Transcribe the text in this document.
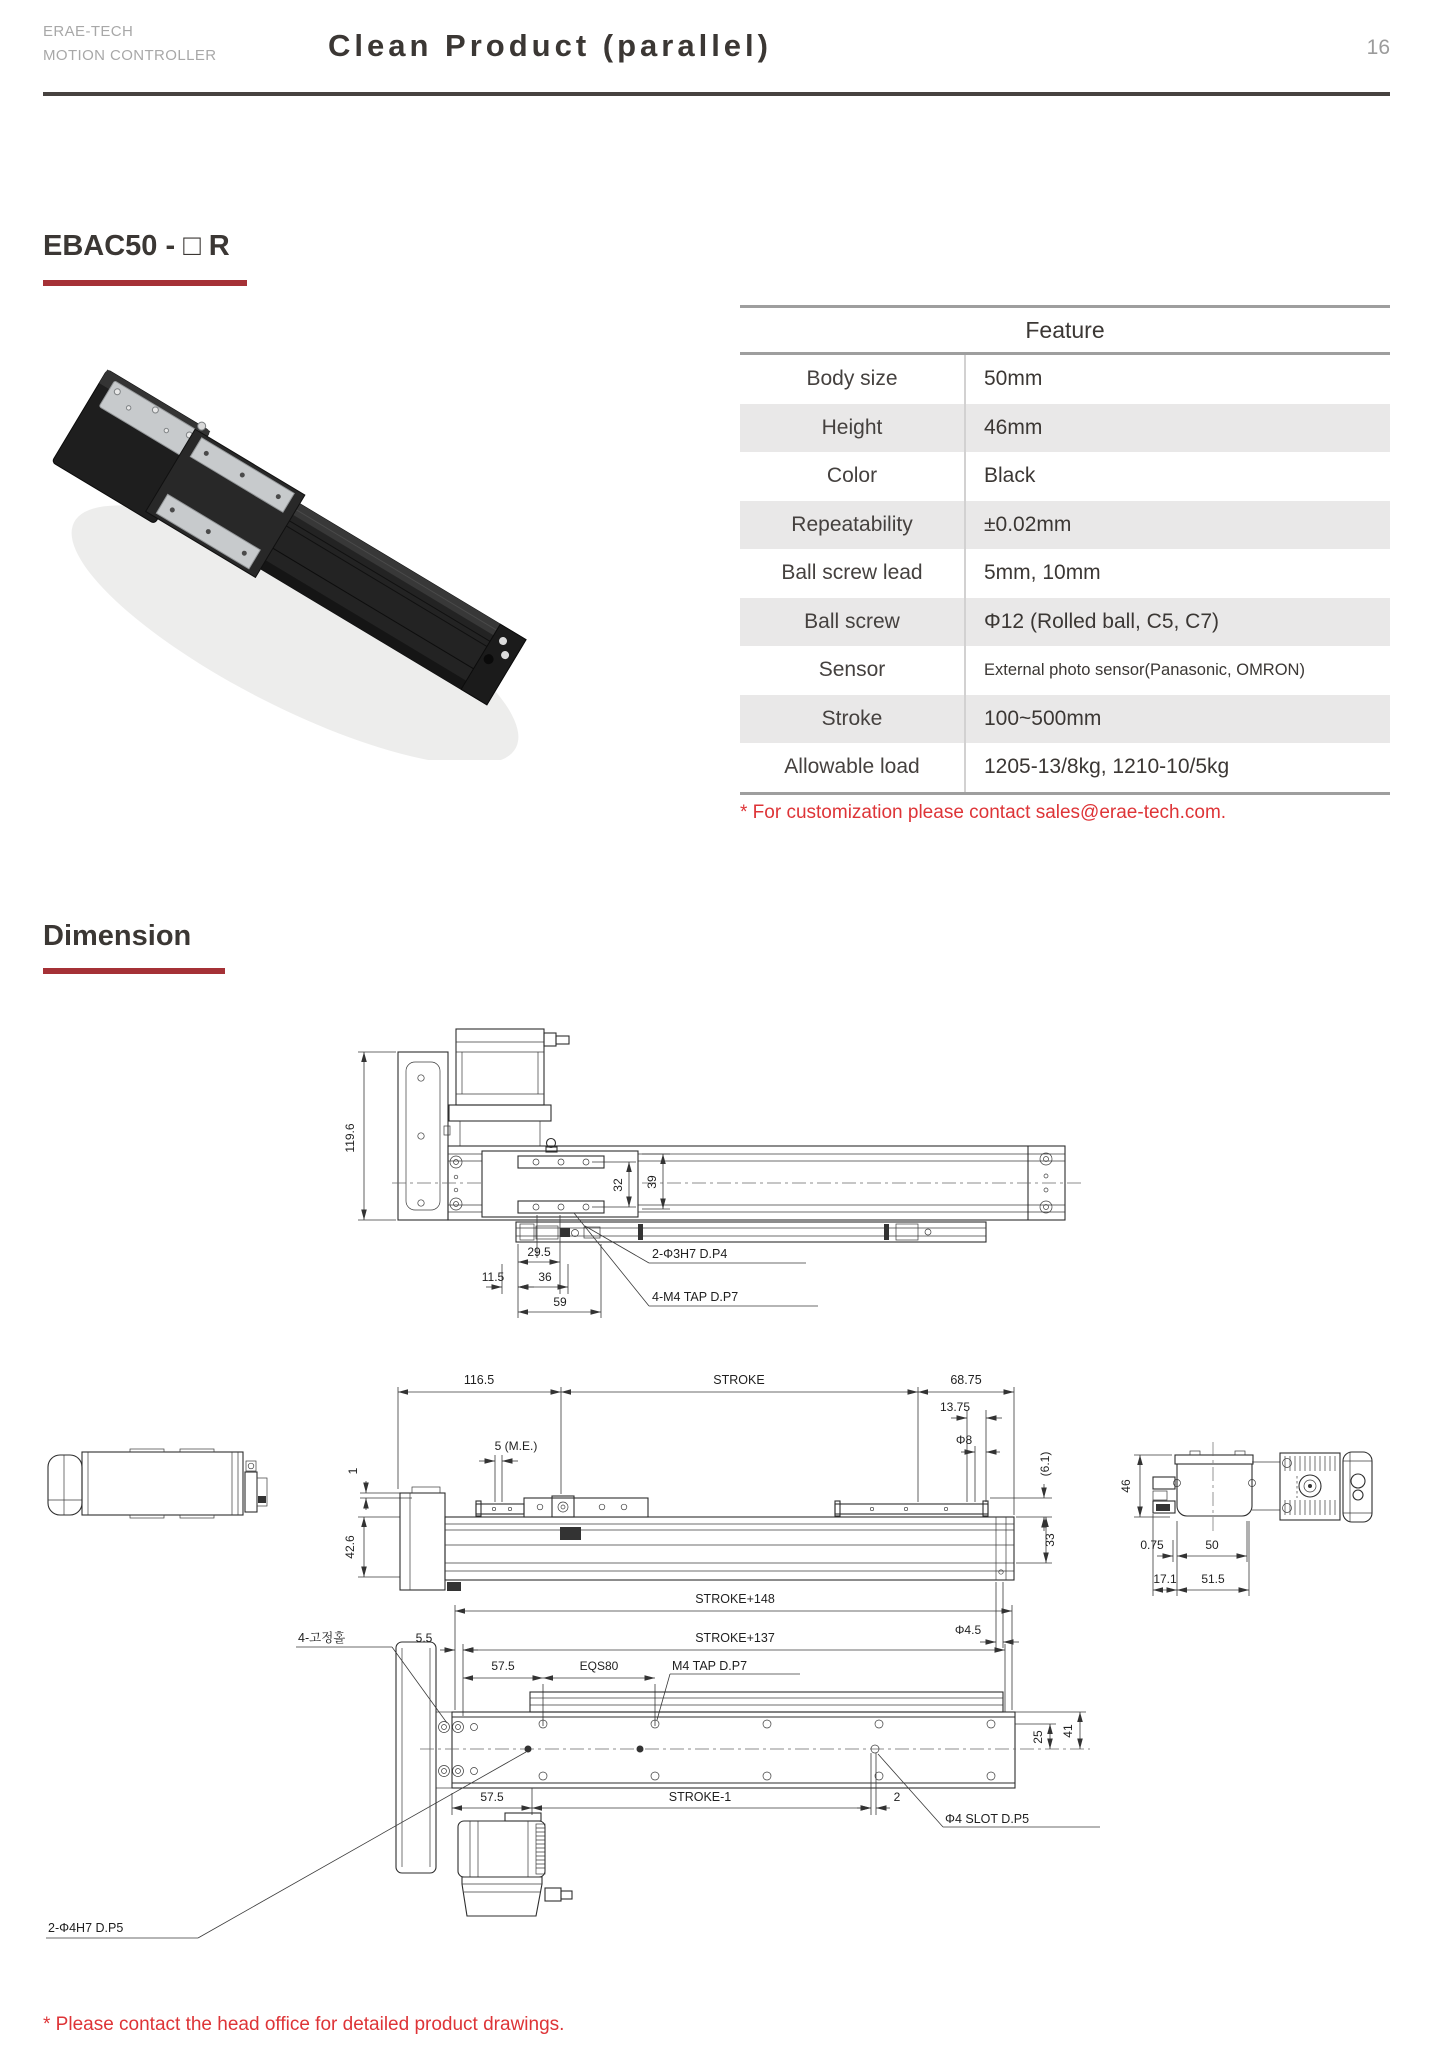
ERAE-TECH
MOTION CONTROLLER	Clean Product (parallel)	16
EBAC50 - □ R
Feature
Body size	50mm
Height	46mm
Color	Black
Repeatability	±0.02mm
Ball screw lead	5mm, 10mm
Ball screw	Φ12 (Rolled ball, C5, C7)
Sensor	External photo sensor(Panasonic, OMRON)
Stroke	100~500mm
Allowable load	1205-13/8kg, 1210-10/5kg
* For customization please contact sales@erae-tech.com.
Dimension
119.6
32 39
29.5
11.5	36
59
2-Φ3H7 D.P4
4-M4 TAP D.P7
116.5	STROKE	68.75
13.75
Φ8
(6.1)
33
1
42.6
5 (M.E.)
Φ4.5
46
0.75	50
17.1 51.5
STROKE+148
STROKE+137
5.5
4-고정홀
57.5	EQS80	M4 TAP D.P7
25 41
57.5	STROKE-1	2
Φ4 SLOT D.P5
2-Φ4H7 D.P5
* Please contact the head office for detailed product drawings.
